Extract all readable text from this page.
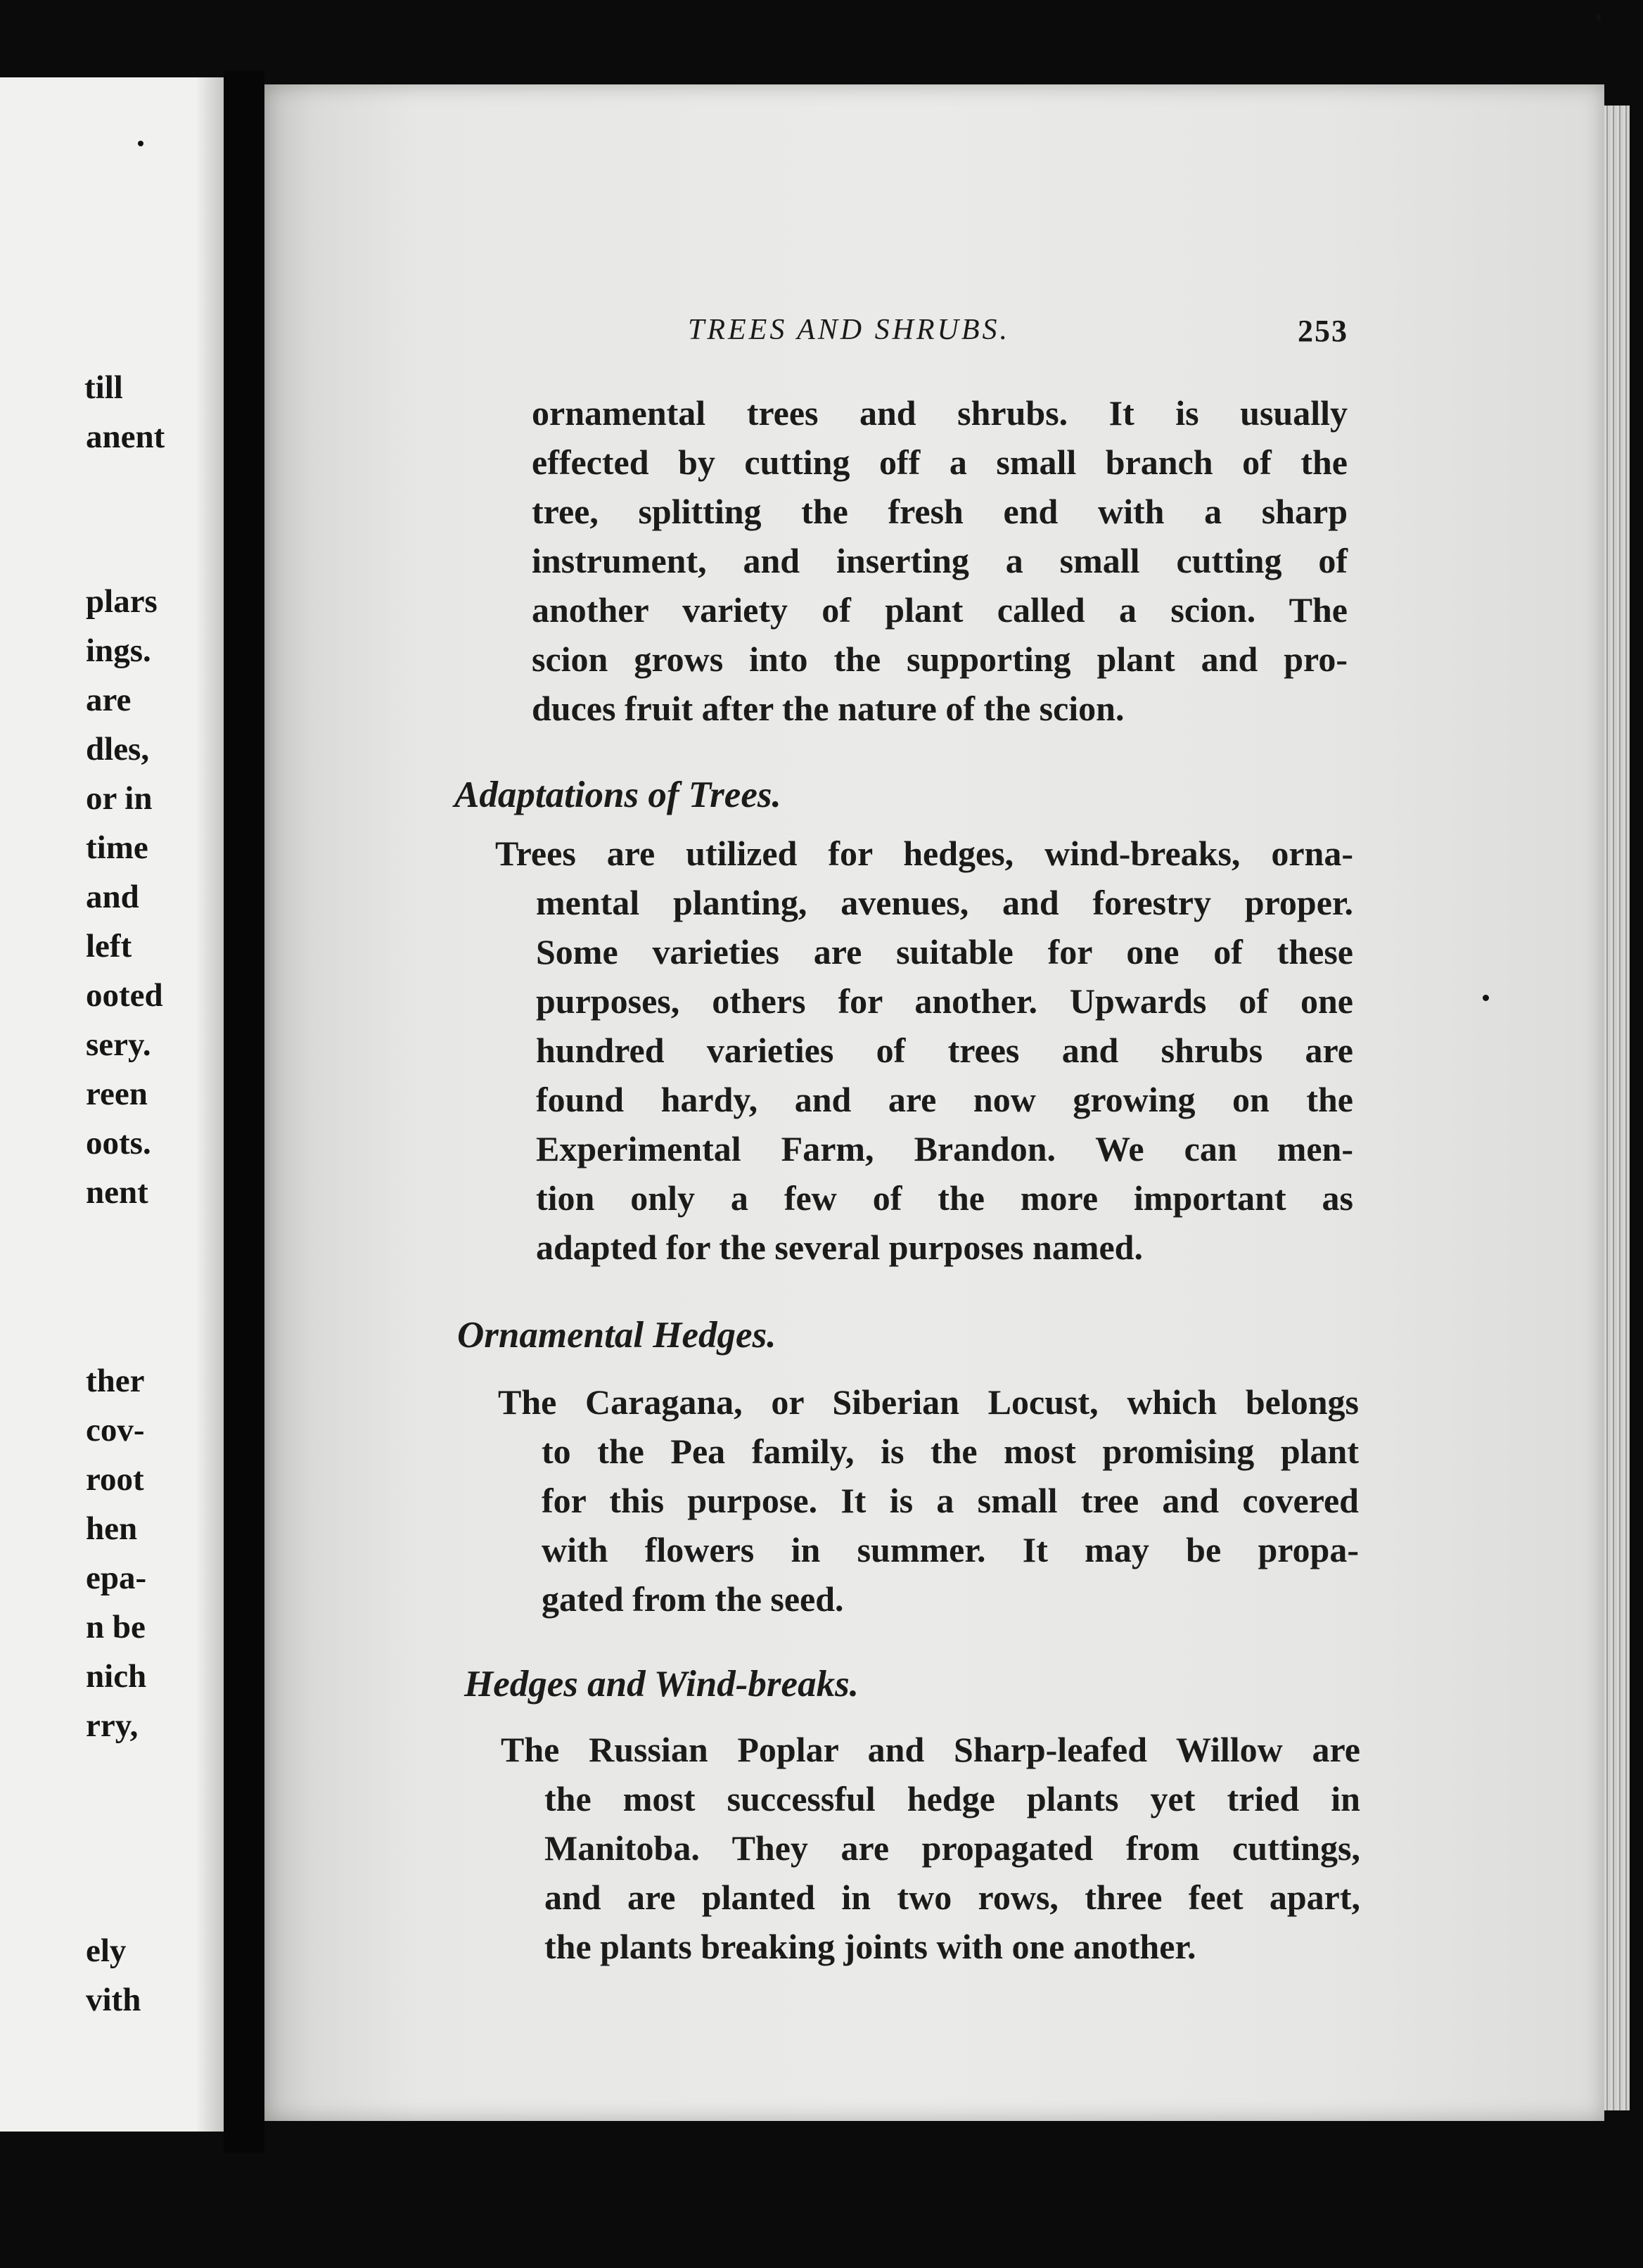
till
anent
plars
ings.
are
dles,
or in
time
and
left
ooted
sery.
reen
oots.
nent
ther
cov-
root
hen
epa-
n be
nich
rry,
ely
vith
TREES AND SHRUBS.	253
ornamental trees and shrubs. It is usually
effected by cutting off a small branch of the
tree, splitting the fresh end with a sharp
instrument, and inserting a small cutting of
another variety of plant called a scion. The
scion grows into the supporting plant and pro-
duces fruit after the nature of the scion.
Adaptations of Trees.
Trees are utilized for hedges, wind-breaks, orna-
mental planting, avenues, and forestry proper.
Some varieties are suitable for one of these
purposes, others for another. Upwards of one
hundred varieties of trees and shrubs are
found hardy, and are now growing on the
Experimental Farm, Brandon. We can men-
tion only a few of the more important as
adapted for the several purposes named.
Ornamental Hedges.
The Caragana, or Siberian Locust, which belongs
to the Pea family, is the most promising plant
for this purpose. It is a small tree and covered
with flowers in summer. It may be propa-
gated from the seed.
Hedges and Wind-breaks.
The Russian Poplar and Sharp-leafed Willow are
the most successful hedge plants yet tried in
Manitoba. They are propagated from cuttings,
and are planted in two rows, three feet apart,
the plants breaking joints with one another.
